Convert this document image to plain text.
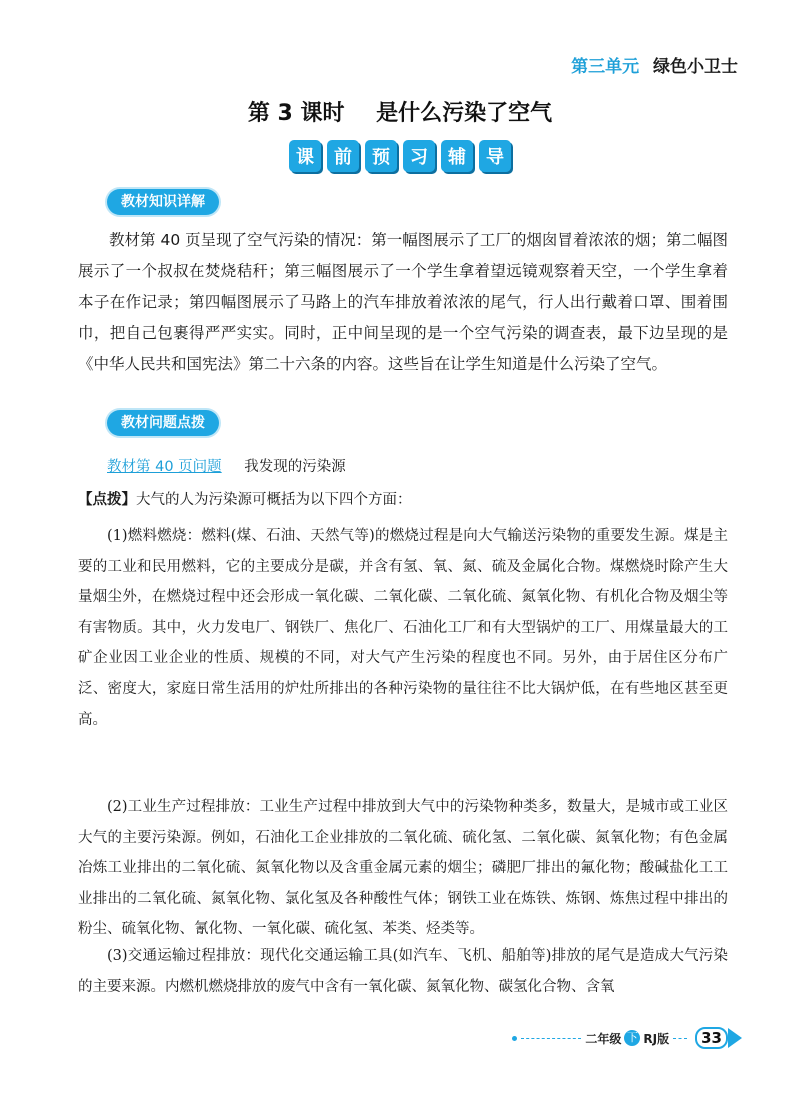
第三单元 绿色小卫士
第 3 课时 是什么污染了空气
课	前	预	习	辅	导
教材知识详解

教材第 40 页呈现了空气污染的情况：第一幅图展示了工厂的烟囱冒着浓浓的烟；第二幅图展示了一个叔叔在焚烧秸秆；第三幅图展示了一个学生拿着望远镜观察着天空，一个学生拿着本子在作记录；第四幅图展示了马路上的汽车排放着浓浓的尾气，行人出行戴着口罩、围着围巾，把自己包裹得严严实实。同时，正中间呈现的是一个空气污染的调查表，最下边呈现的是《中华人民共和国宪法》第二十六条的内容。这些旨在让学生知道是什么污染了空气。

教材问题点拨
教材第 40 页问题 我发现的污染源
【点拨】大气的人为污染源可概括为以下四个方面：

(1)燃料燃烧：燃料(煤、石油、天然气等)的燃烧过程是向大气输送污染物的重要发生源。煤是主要的工业和民用燃料，它的主要成分是碳，并含有氢、氧、氮、硫及金属化合物。煤燃烧时除产生大量烟尘外，在燃烧过程中还会形成一氧化碳、二氧化碳、二氧化硫、氮氧化物、有机化合物及烟尘等有害物质。其中，火力发电厂、钢铁厂、焦化厂、石油化工厂和有大型锅炉的工厂、用煤量最大的工矿企业因工业企业的性质、规模的不同，对大气产生污染的程度也不同。另外，由于居住区分布广泛、密度大，家庭日常生活用的炉灶所排出的各种污染物的量往往不比大锅炉低，在有些地区甚至更高。

(2)工业生产过程排放：工业生产过程中排放到大气中的污染物种类多，数量大，是城市或工业区大气的主要污染源。例如，石油化工企业排放的二氧化硫、硫化氢、二氧化碳、氮氧化物；有色金属冶炼工业排出的二氧化硫、氮氧化物以及含重金属元素的烟尘；磷肥厂排出的氟化物；酸碱盐化工工业排出的二氧化硫、氮氧化物、氯化氢及各种酸性气体；钢铁工业在炼铁、炼钢、炼焦过程中排出的粉尘、硫氧化物、氰化物、一氧化碳、硫化氢、苯类、烃类等。

(3)交通运输过程排放：现代化交通运输工具(如汽车、飞机、船舶等)排放的尾气是造成大气污染的主要来源。内燃机燃烧排放的废气中含有一氧化碳、氮氧化物、碳氢化合物、含氧

二年级 下 RJ版	33
